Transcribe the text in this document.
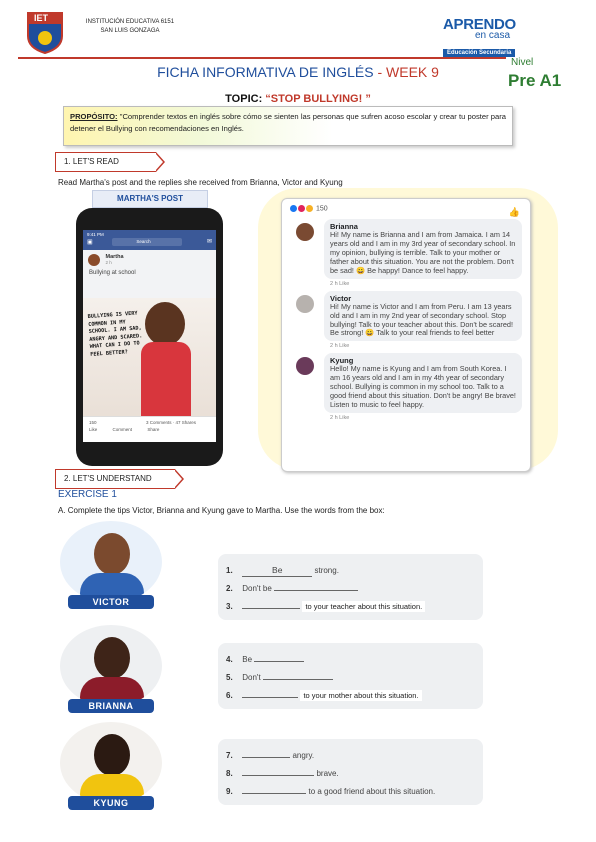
IET	INSTITUCIÓN EDUCATIVA 6151
SAN LUIS GONZAGA	APRENDO
en casa
Educación Secundaria
Nivel
Pre A1
FICHA INFORMATIVA DE INGLÉS - WEEK 9
TOPIC: “STOP BULLYING! ”
PROPÓSITO: "Comprender textos en inglés sobre cómo se sienten las personas que sufren acoso escolar y crear tu poster para detener el Bullying con recomendaciones en Inglés.
1. LET'S READ
Read Martha's post and the replies she received from Brianna, Victor and Kyung
MARTHA'S POST
9:41 PM
▣	Search	✉
Martha
2 h
Bullying at school
BULLYING IS VERY COMMON IN MY SCHOOL. I AM SAD, ANGRY AND SCARED. WHAT CAN I DO TO FEEL BETTER?
150	3 Comments · 47 Shares
Like	Comment	Share
150	👍
Brianna
Hi! My name is Brianna and I am from Jamaica. I am 14 years old and I am in my 3rd year of secondary school. In my opinion, bullying is terrible. Talk to your mother or father about this situation. You are not the problem. Don't be sad! 😀 Be happy! Dance to feel happy.
2 h Like
Victor
Hi! My name is Victor and I am from Peru. I am 13 years old and I am in my 2nd year of secondary school. Stop bullying! Talk to your teacher about this. Don't be scared! Be strong! 😀 Talk to your real friends to feel better
2 h Like
Kyung
Hello! My name is Kyung and I am from South Korea. I am 16 years old and I am in my 4th year of secondary school. Bullying is common in my school too. Talk to a good friend about this situation. Don't be angry! Be brave! Listen to music to feel happy.
2 h Like
2. LET'S UNDERSTAND
EXERCISE 1
A. Complete the tips Victor, Brianna and Kyung gave to Martha. Use the words from the box:
VICTOR
1.	Be	strong.
2. Don't be
3.	to your teacher about this situation.
BRIANNA
4. Be
5. Don't
6.	to your mother about this situation.
KYUNG
7.	angry.
8.	brave.
9.	to a good friend about this situation.
